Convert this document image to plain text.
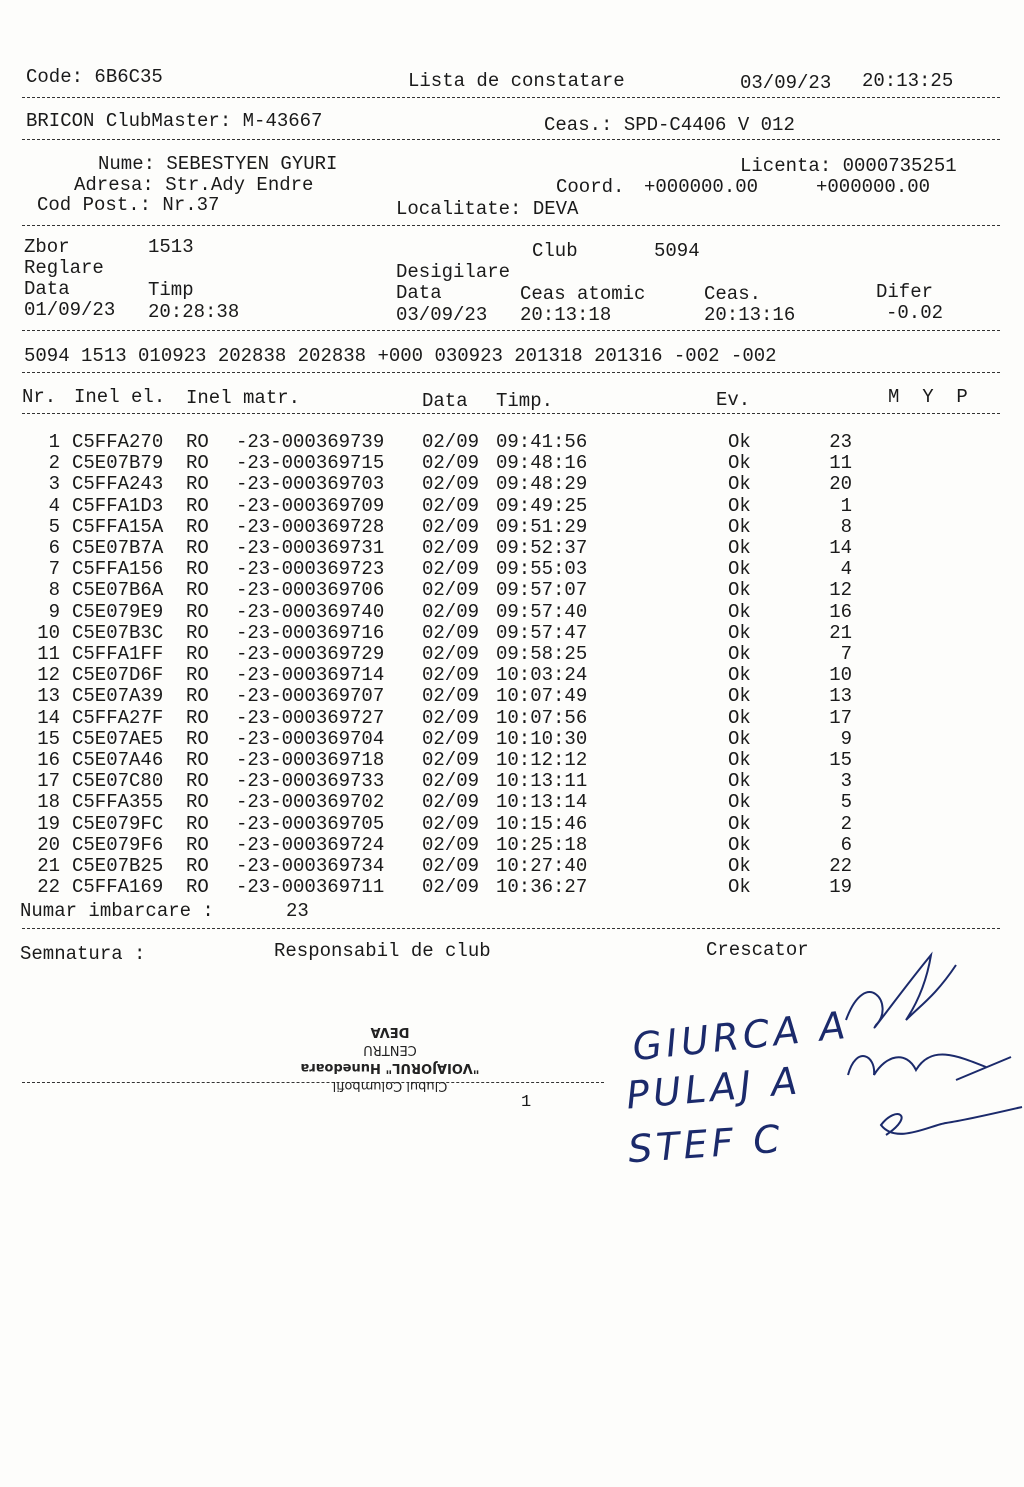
Code: 6B6C35	Lista de constatare	03/09/23 20:13:25
BRICON ClubMaster: M-43667	Ceas.: SPD-C4406 V 012
Nume: SEBESTYEN GYURI	Licenta: 0000735251
Adresa: Str.Ady Endre	Coord. +000000.00	+000000.00
Cod Post.: Nr.37	Localitate: DEVA
Zbor	1513	Club	5094
Reglare	Desigilare
Data	Timp	Data	Ceas atomic	Ceas.	Difer
01/09/23 20:28:38	03/09/23 20:13:18	20:13:16	-0.02
5094 1513 010923 202838 202838 +000 030923 201318 201316 -002 -002
Nr. Inel el. Inel matr.	Data Timp.	Ev.	M  Y  P
1 C5FFA270 RO -23-000369739 02/09 09:41:56	Ok	23
2 C5E07B79 RO -23-000369715 02/09 09:48:16	Ok	11
3 C5FFA243 RO -23-000369703 02/09 09:48:29	Ok	20
4 C5FFA1D3 RO -23-000369709 02/09 09:49:25	Ok	1
5 C5FFA15A RO -23-000369728 02/09 09:51:29	Ok	8
6 C5E07B7A RO -23-000369731 02/09 09:52:37	Ok	14
7 C5FFA156 RO -23-000369723 02/09 09:55:03	Ok	4
8 C5E07B6A RO -23-000369706 02/09 09:57:07	Ok	12
9 C5E079E9 RO -23-000369740 02/09 09:57:40	Ok	16
10 C5E07B3C RO -23-000369716 02/09 09:57:47	Ok	21
11 C5FFA1FF RO -23-000369729 02/09 09:58:25	Ok	7
12 C5E07D6F RO -23-000369714 02/09 10:03:24	Ok	10
13 C5E07A39 RO -23-000369707 02/09 10:07:49	Ok	13
14 C5FFA27F RO -23-000369727 02/09 10:07:56	Ok	17
15 C5E07AE5 RO -23-000369704 02/09 10:10:30	Ok	9
16 C5E07A46 RO -23-000369718 02/09 10:12:12	Ok	15
17 C5E07C80 RO -23-000369733 02/09 10:13:11	Ok	3
18 C5FFA355 RO -23-000369702 02/09 10:13:14	Ok	5
19 C5E079FC RO -23-000369705 02/09 10:15:46	Ok	2
20 C5E079F6 RO -23-000369724 02/09 10:25:18	Ok	6
21 C5E07B25 RO -23-000369734 02/09 10:27:40	Ok	22
22 C5FFA169 RO -23-000369711 02/09 10:36:27	Ok	19
Numar imbarcare :	23
Semnatura :	Responsabil de club	Crescator
1
Clubul Columbofil
"VOIAJORUL" Hunedoara
CENTRU
DEVA	GIURCA A
PULAJ A
STEF C
